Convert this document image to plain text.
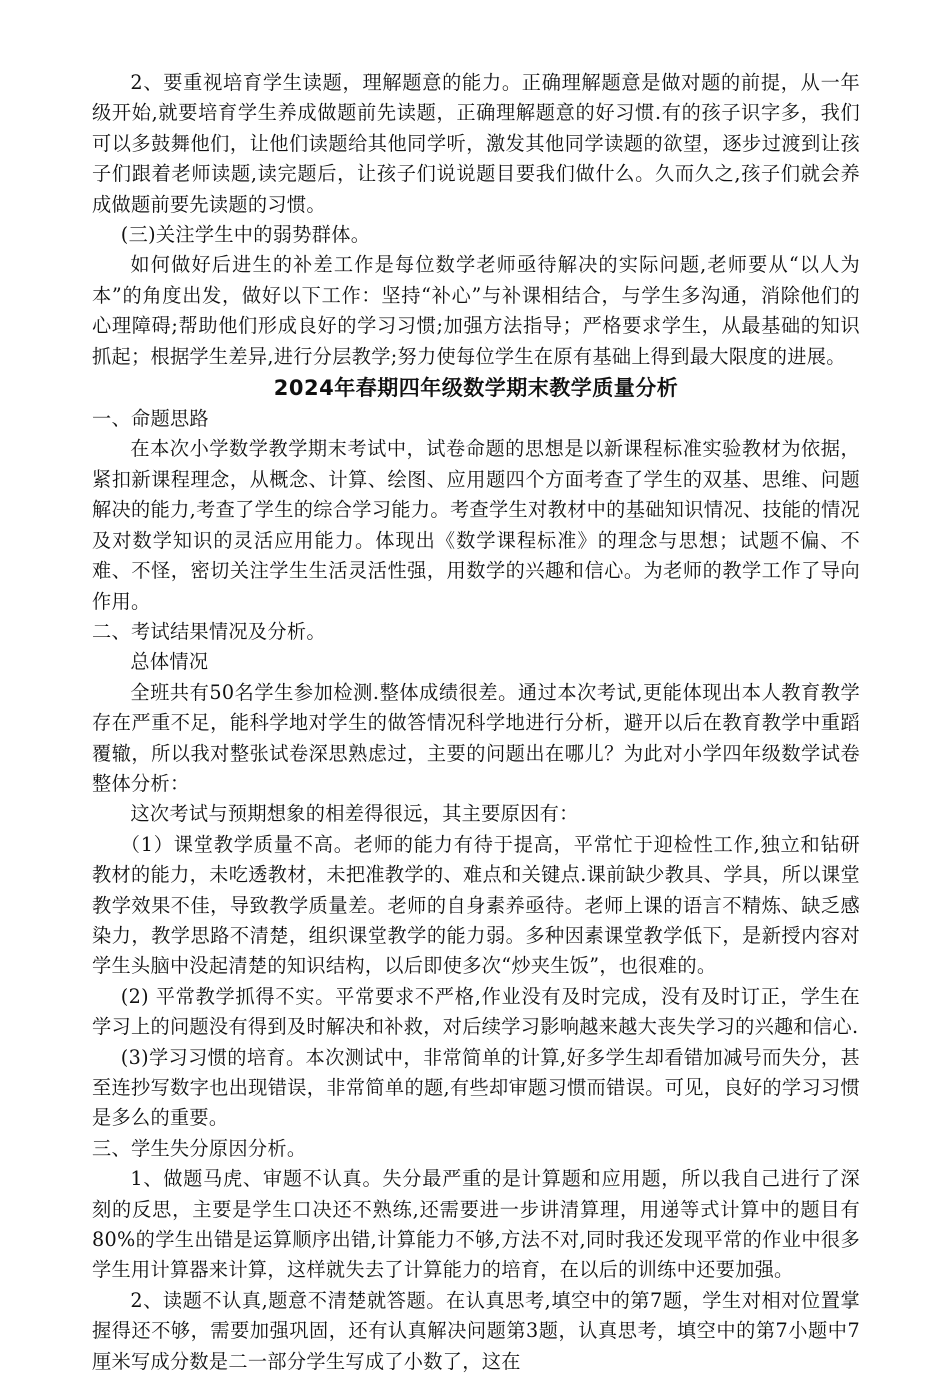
2、要重视培育学生读题，理解题意的能力。正确理解题意是做对题的前提，从一年级开始,就要培育学生养成做题前先读题，正确理解题意的好习惯.有的孩子识字多，我们可以多鼓舞他们，让他们读题给其他同学听，激发其他同学读题的欲望，逐步过渡到让孩子们跟着老师读题,读完题后，让孩子们说说题目要我们做什么。久而久之,孩子们就会养成做题前要先读题的习惯。

(三)关注学生中的弱势群体。

如何做好后进生的补差工作是每位数学老师亟待解决的实际问题,老师要从“以人为本”的角度出发，做好以下工作：坚持“补心”与补课相结合，与学生多沟通，消除他们的心理障碍;帮助他们形成良好的学习习惯;加强方法指导；严格要求学生，从最基础的知识抓起；根据学生差异,进行分层教学;努力使每位学生在原有基础上得到最大限度的进展。

2024年春期四年级数学期末教学质量分析

一、命题思路

在本次小学数学教学期末考试中，试卷命题的思想是以新课程标准实验教材为依据，紧扣新课程理念，从概念、计算、绘图、应用题四个方面考查了学生的双基、思维、问题解决的能力,考查了学生的综合学习能力。考查学生对教材中的基础知识情况、技能的情况及对数学知识的灵活应用能力。体现出《数学课程标准》的理念与思想；试题不偏、不难、不怪，密切关注学生生活灵活性强，用数学的兴趣和信心。为老师的教学工作了导向作用。

二、考试结果情况及分析。

总体情况

全班共有50名学生参加检测.整体成绩很差。通过本次考试,更能体现出本人教育教学存在严重不足，能科学地对学生的做答情况科学地进行分析，避开以后在教育教学中重蹈覆辙，所以我对整张试卷深思熟虑过，主要的问题出在哪儿？为此对小学四年级数学试卷整体分析：

这次考试与预期想象的相差得很远，其主要原因有：

（1）课堂教学质量不高。老师的能力有待于提高，平常忙于迎检性工作,独立和钻研教材的能力，未吃透教材，未把准教学的、难点和关键点.课前缺少教具、学具，所以课堂教学效果不佳，导致教学质量差。老师的自身素养亟待。老师上课的语言不精炼、缺乏感染力，教学思路不清楚，组织课堂教学的能力弱。多种因素课堂教学低下，是新授内容对学生头脑中没起清楚的知识结构，以后即使多次“炒夹生饭”，也很难的。

(2) 平常教学抓得不实。平常要求不严格,作业没有及时完成，没有及时订正，学生在学习上的问题没有得到及时解决和补救，对后续学习影响越来越大丧失学习的兴趣和信心.

(3)学习习惯的培育。本次测试中，非常简单的计算,好多学生却看错加减号而失分，甚至连抄写数字也出现错误，非常简单的题,有些却审题习惯而错误。可见，良好的学习习惯是多么的重要。

三、学生失分原因分析。

1、做题马虎、审题不认真。失分最严重的是计算题和应用题，所以我自己进行了深刻的反思，主要是学生口决还不熟练,还需要进一步讲清算理，用递等式计算中的题目有80%的学生出错是运算顺序出错,计算能力不够,方法不对,同时我还发现平常的作业中很多学生用计算器来计算，这样就失去了计算能力的培育，在以后的训练中还要加强。

2、读题不认真,题意不清楚就答题。在认真思考,填空中的第7题，学生对相对位置掌握得还不够，需要加强巩固，还有认真解决问题第3题，认真思考，填空中的第7小题中7厘米写成分数是二一部分学生写成了小数了，这在
